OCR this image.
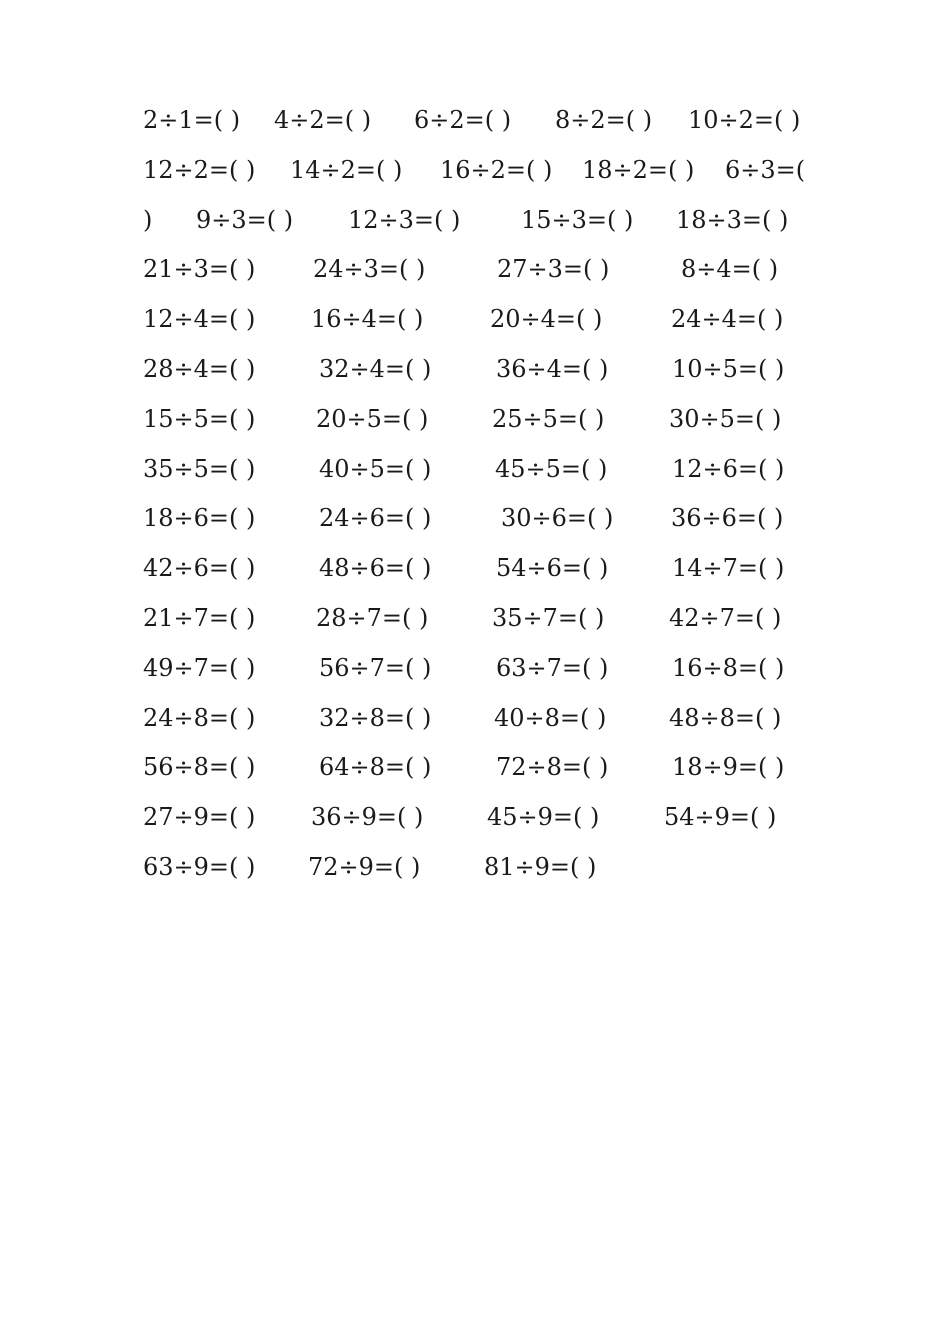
2÷1=( ) 4÷2=( ) 6÷2=( ) 8÷2=( ) 10÷2=( )
12÷2=( ) 14÷2=( ) 16÷2=( ) 18÷2=( ) 6÷3=(
) 9÷3=( ) 12÷3=( )	15÷3=( ) 18÷3=( )
21÷3=( ) 24÷3=( )	27÷3=( )	8÷4=( )
12÷4=( ) 16÷4=( )	20÷4=( )	24÷4=( )
28÷4=( )	32÷4=( )	36÷4=( )	10÷5=( )
15÷5=( )	20÷5=( )	25÷5=( )	30÷5=( )
35÷5=( )	40÷5=( )	45÷5=( )	12÷6=( )
18÷6=( )	24÷6=( )	30÷6=( ) 36÷6=( )
42÷6=( )	48÷6=( )	54÷6=( )	14÷7=( )
21÷7=( )	28÷7=( )	35÷7=( )	42÷7=( )
49÷7=( )	56÷7=( )	63÷7=( )	16÷8=( )
24÷8=( )	32÷8=( )	40÷8=( )	48÷8=( )
56÷8=( )	64÷8=( )	72÷8=( )	18÷9=( )
27÷9=( ) 36÷9=( )	45÷9=( )	54÷9=( )
63÷9=( ) 72÷9=( )	81÷9=( )
